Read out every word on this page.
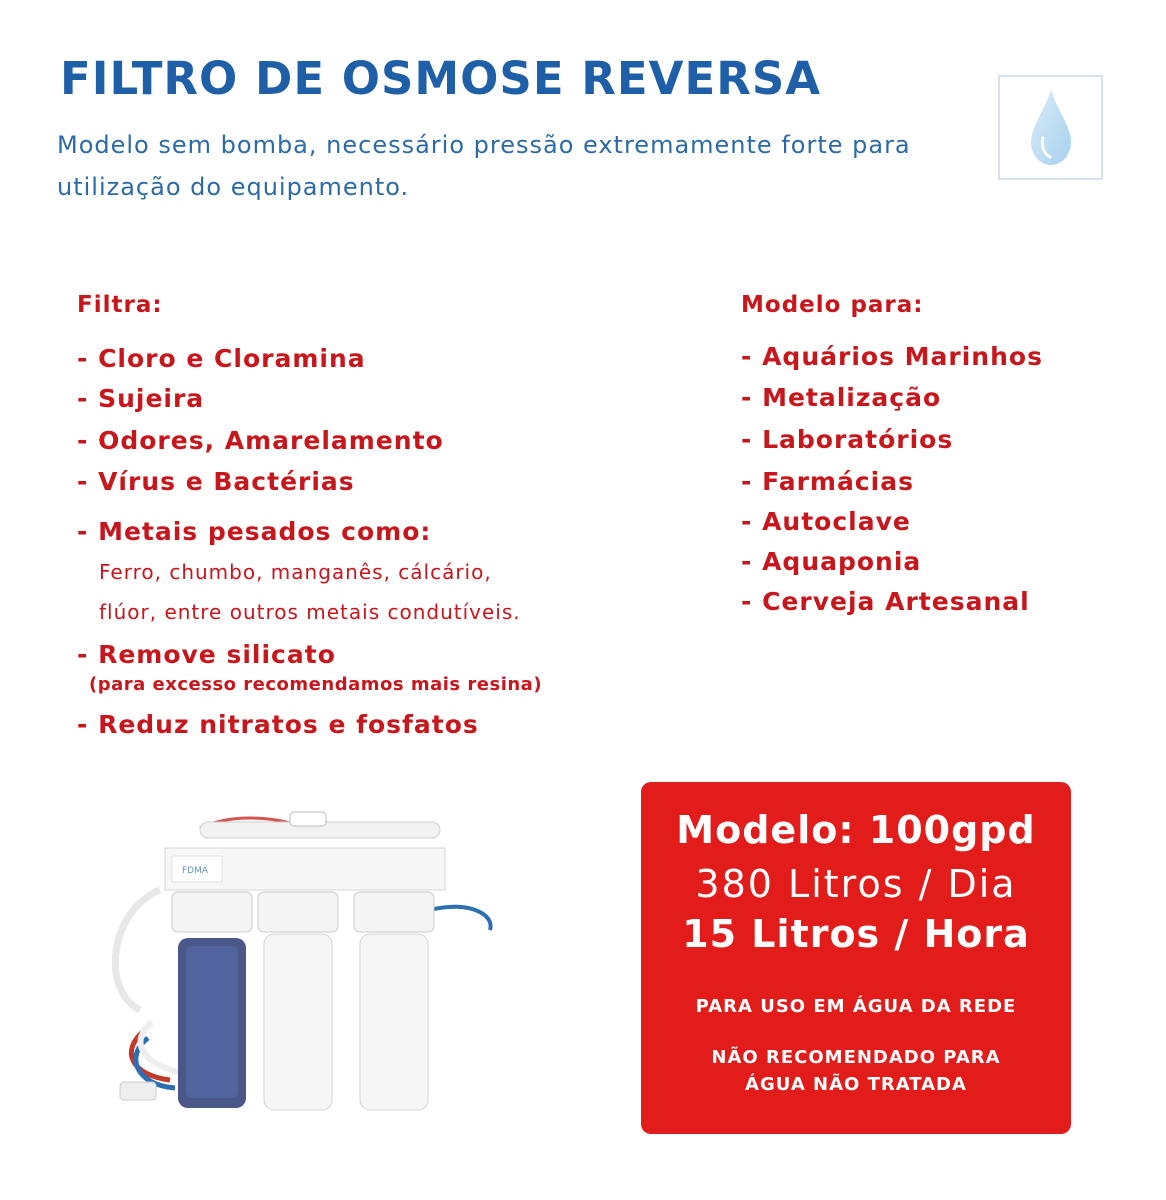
FILTRO DE OSMOSE REVERSA
Modelo sem bomba, necessário pressão extremamente forte para utilização do equipamento.
Filtra:
- Cloro e Cloramina
- Sujeira
- Odores, Amarelamento
- Vírus e Bactérias
- Metais pesados como:
Ferro, chumbo, manganês, cálcário,
flúor, entre outros metais condutíveis.
- Remove silicato
(para excesso recomendamos mais resina)
- Reduz nitratos e fosfatos
Modelo para:
- Aquários Marinhos
- Metalização
- Laboratórios
- Farmácias
- Autoclave
- Aquaponia
- Cerveja Artesanal
FDMA
Modelo: 100gpd
380 Litros / Dia
15 Litros / Hora
PARA USO EM ÁGUA DA REDE
NÃO RECOMENDADO PARA ÁGUA NÃO TRATADA
